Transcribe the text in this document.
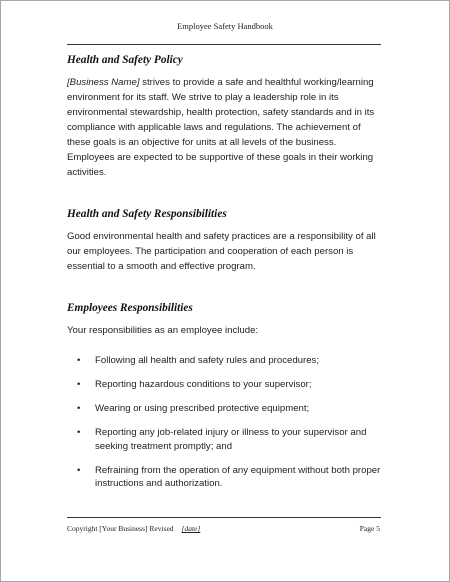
Employee Safety Handbook
Health and Safety Policy

[Business Name] strives to provide a safe and healthful working/learning environment for its staff. We strive to play a leadership role in its environmental stewardship, health protection, safety standards and in its compliance with applicable laws and regulations. The achievement of these goals is an objective for units at all levels of the business. Employees are expected to be supportive of these goals in their working activities.

Health and Safety Responsibilities

Good environmental health and safety practices are a responsibility of all our employees. The participation and cooperation of each person is essential to a smooth and effective program.

Employees Responsibilities

Your responsibilities as an employee include:

• Following all health and safety rules and procedures;
• Reporting hazardous conditions to your supervisor;
• Wearing or using prescribed protective equipment;
• Reporting any job-related injury or illness to your supervisor and seeking treatment promptly; and
• Refraining from the operation of any equipment without both proper instructions and authorization.
Copyright [Your Business] Revised [date]	Page 5
